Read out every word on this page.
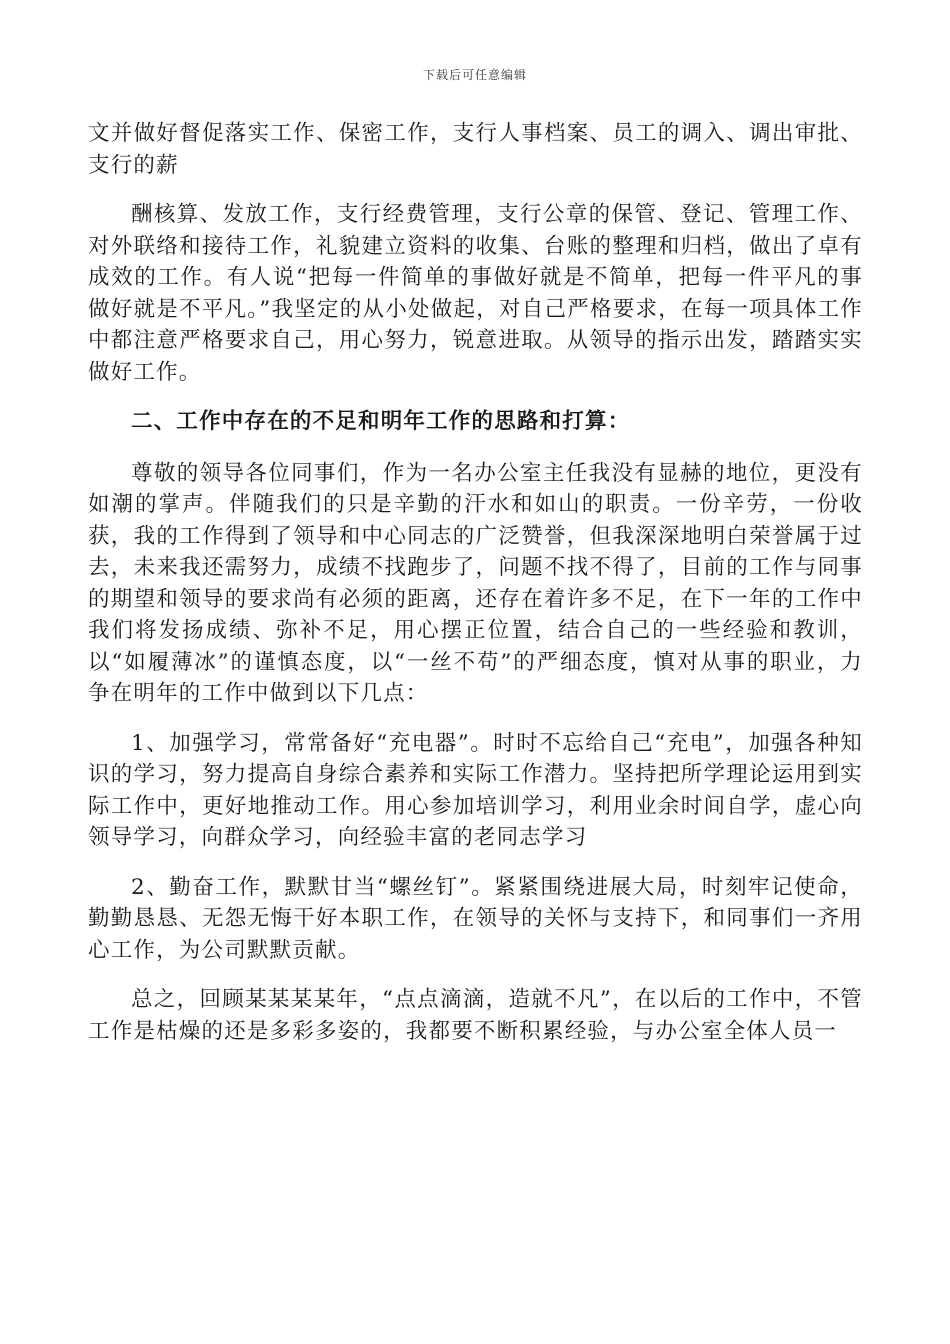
下载后可任意编辑

文并做好督促落实工作、保密工作，支行人事档案、员工的调入、调出审批、支行的薪

酬核算、发放工作，支行经费管理，支行公章的保管、登记、管理工作、对外联络和接待工作，礼貌建立资料的收集、台账的整理和归档，做出了卓有成效的工作。有人说“把每一件简单的事做好就是不简单，把每一件平凡的事做好就是不平凡。”我坚定的从小处做起，对自己严格要求，在每一项具体工作中都注意严格要求自己，用心努力，锐意进取。从领导的指示出发，踏踏实实做好工作。

二、工作中存在的不足和明年工作的思路和打算：

尊敬的领导各位同事们，作为一名办公室主任我没有显赫的地位，更没有如潮的掌声。伴随我们的只是辛勤的汗水和如山的职责。一份辛劳，一份收获，我的工作得到了领导和中心同志的广泛赞誉，但我深深地明白荣誉属于过去，未来我还需努力，成绩不找跑步了，问题不找不得了，目前的工作与同事的期望和领导的要求尚有必须的距离，还存在着许多不足，在下一年的工作中我们将发扬成绩、弥补不足，用心摆正位置，结合自己的一些经验和教训，以“如履薄冰”的谨慎态度，以“一丝不苟”的严细态度，慎对从事的职业，力争在明年的工作中做到以下几点：

1、加强学习，常常备好“充电器”。时时不忘给自己“充电”，加强各种知识的学习，努力提高自身综合素养和实际工作潜力。坚持把所学理论运用到实际工作中，更好地推动工作。用心参加培训学习，利用业余时间自学，虚心向领导学习，向群众学习，向经验丰富的老同志学习

2、勤奋工作，默默甘当“螺丝钉”。紧紧围绕进展大局，时刻牢记使命，勤勤恳恳、无怨无悔干好本职工作，在领导的关怀与支持下，和同事们一齐用心工作，为公司默默贡献。

总之，回顾某某某某年，“点点滴滴，造就不凡”，在以后的工作中，不管工作是枯燥的还是多彩多姿的，我都要不断积累经验，与办公室全体人员一
